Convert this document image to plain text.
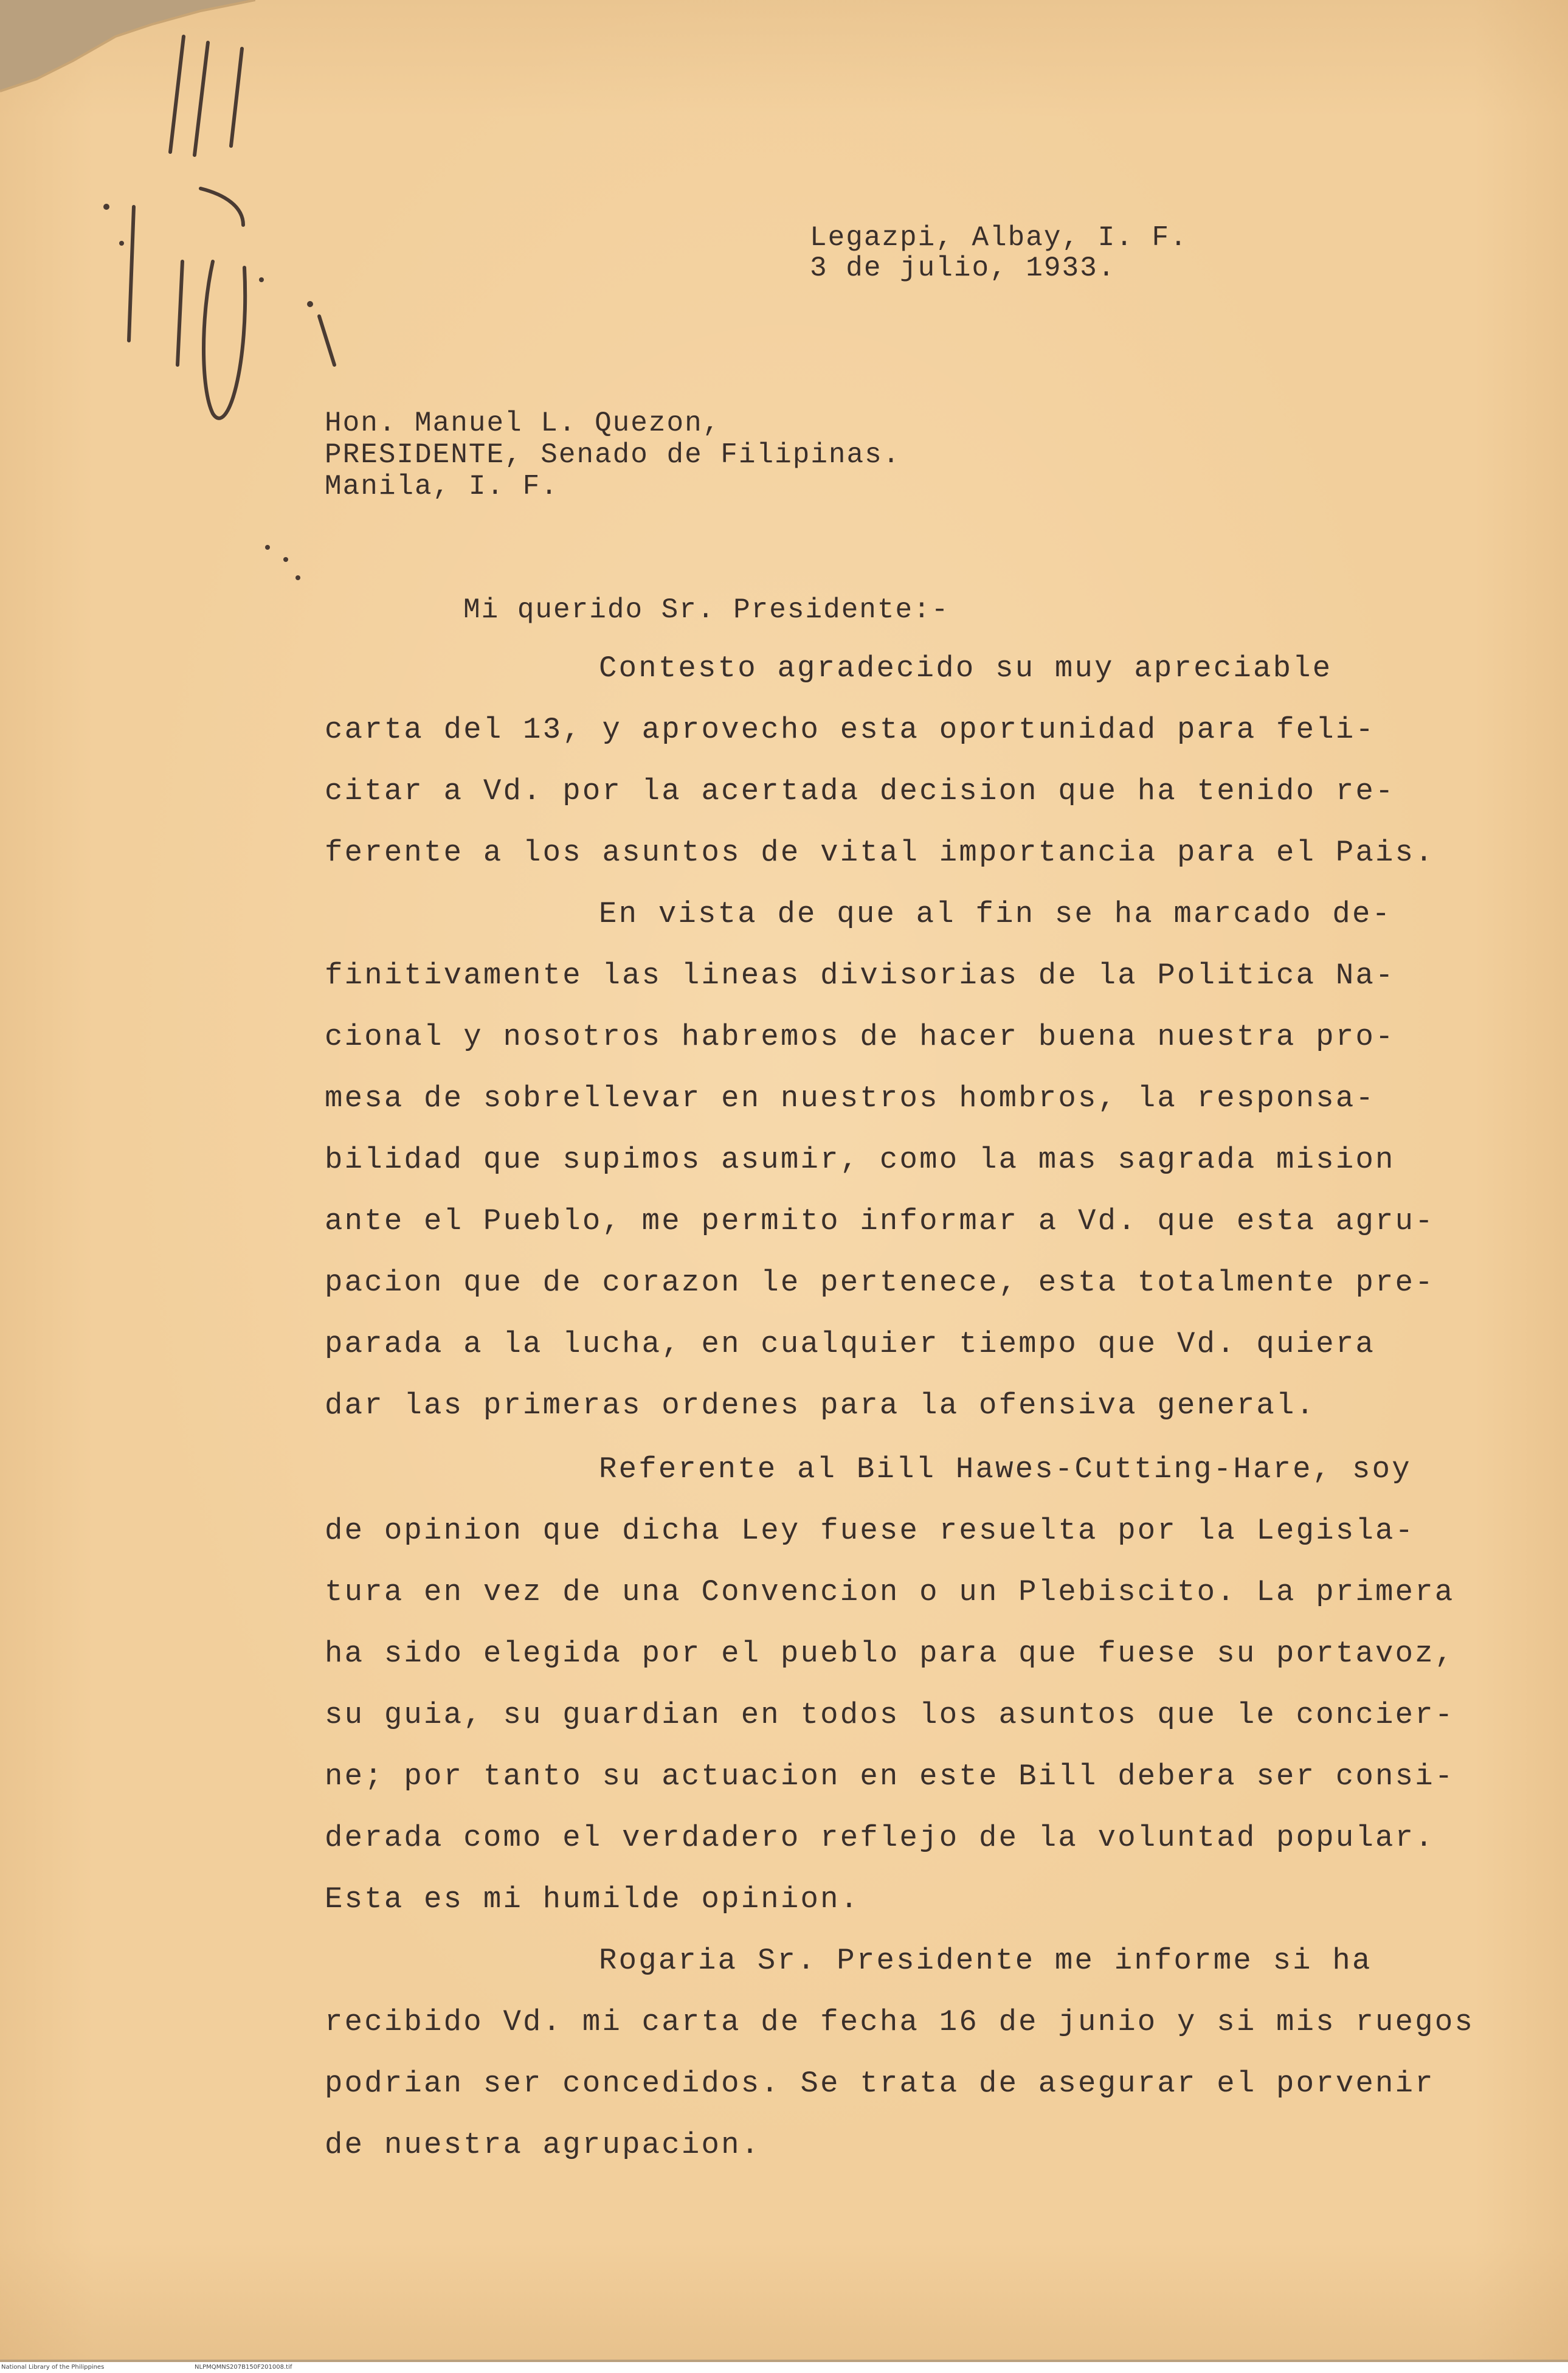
Legazpi, Albay, I. F.
3 de julio, 1933.
Hon. Manuel L. Quezon,
PRESIDENTE, Senado de Filipinas.
Manila, I. F.
Mi querido Sr. Presidente:-
Contesto agradecido su muy apreciable
carta del 13, y aprovecho esta oportunidad para feli-
citar a Vd. por la acertada decision que ha tenido re-
ferente a los asuntos de vital importancia para el Pais.
En vista de que al fin se ha marcado de-
finitivamente las lineas divisorias de la Politica Na-
cional y nosotros habremos de hacer buena nuestra pro-
mesa de sobrellevar en nuestros hombros, la responsa-
bilidad que supimos asumir, como la mas sagrada mision
ante el Pueblo, me permito informar a Vd. que esta agru-
pacion que de corazon le pertenece, esta totalmente pre-
parada a la lucha, en cualquier tiempo que Vd. quiera
dar las primeras ordenes para la ofensiva general.
Referente al Bill Hawes-Cutting-Hare, soy
de opinion que dicha Ley fuese resuelta por la Legisla-
tura en vez de una Convencion o un Plebiscito. La primera
ha sido elegida por el pueblo para que fuese su portavoz,
su guia, su guardian en todos los asuntos que le concier-
ne; por tanto su actuacion en este Bill debera ser consi-
derada como el verdadero reflejo de la voluntad popular.
Esta es mi humilde opinion.
Rogaria Sr. Presidente me informe si ha
recibido Vd. mi carta de fecha 16 de junio y si mis ruegos
podrian ser concedidos. Se trata de asegurar el porvenir
de nuestra agrupacion.
National Library of the Philippines	NLPMQMNS207B150F201008.tif
